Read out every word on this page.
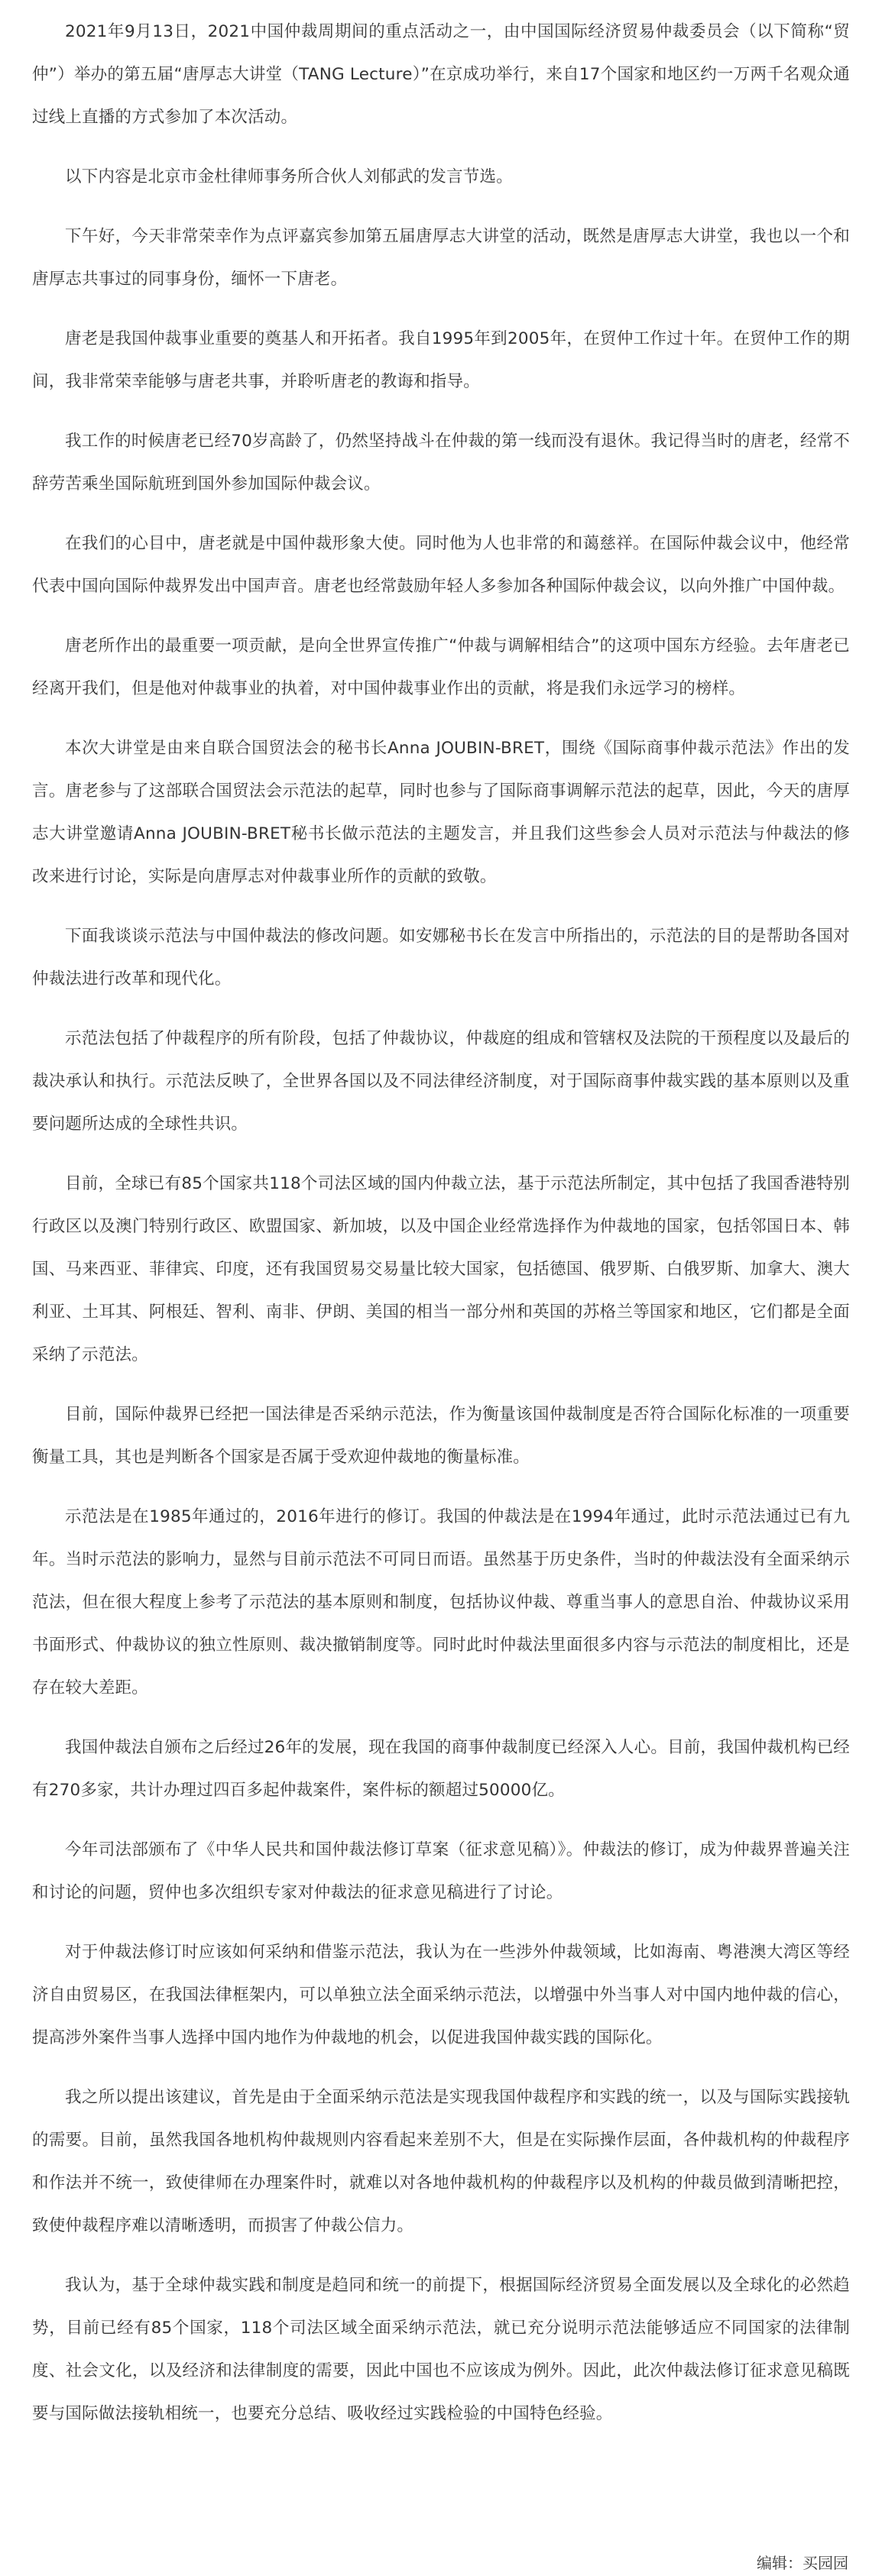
2021年9月13日，2021中国仲裁周期间的重点活动之一，由中国国际经济贸易仲裁委员会（以下简称“贸仲”）举办的第五届“唐厚志大讲堂（TANG Lecture）”在京成功举行，来自17个国家和地区约一万两千名观众通过线上直播的方式参加了本次活动。

以下内容是北京市金杜律师事务所合伙人刘郁武的发言节选。

下午好，今天非常荣幸作为点评嘉宾参加第五届唐厚志大讲堂的活动，既然是唐厚志大讲堂，我也以一个和唐厚志共事过的同事身份，缅怀一下唐老。

唐老是我国仲裁事业重要的奠基人和开拓者。我自1995年到2005年，在贸仲工作过十年。在贸仲工作的期间，我非常荣幸能够与唐老共事，并聆听唐老的教诲和指导。

我工作的时候唐老已经70岁高龄了，仍然坚持战斗在仲裁的第一线而没有退休。我记得当时的唐老，经常不辞劳苦乘坐国际航班到国外参加国际仲裁会议。

在我们的心目中，唐老就是中国仲裁形象大使。同时他为人也非常的和蔼慈祥。在国际仲裁会议中，他经常代表中国向国际仲裁界发出中国声音。唐老也经常鼓励年轻人多参加各种国际仲裁会议，以向外推广中国仲裁。

唐老所作出的最重要一项贡献，是向全世界宣传推广“仲裁与调解相结合”的这项中国东方经验。去年唐老已经离开我们，但是他对仲裁事业的执着，对中国仲裁事业作出的贡献，将是我们永远学习的榜样。

本次大讲堂是由来自联合国贸法会的秘书长Anna JOUBIN-BRET，围绕《国际商事仲裁示范法》作出的发言。唐老参与了这部联合国贸法会示范法的起草，同时也参与了国际商事调解示范法的起草，因此，今天的唐厚志大讲堂邀请Anna JOUBIN-BRET秘书长做示范法的主题发言，并且我们这些参会人员对示范法与仲裁法的修改来进行讨论，实际是向唐厚志对仲裁事业所作的贡献的致敬。

下面我谈谈示范法与中国仲裁法的修改问题。如安娜秘书长在发言中所指出的，示范法的目的是帮助各国对仲裁法进行改革和现代化。

示范法包括了仲裁程序的所有阶段，包括了仲裁协议，仲裁庭的组成和管辖权及法院的干预程度以及最后的裁决承认和执行。示范法反映了，全世界各国以及不同法律经济制度，对于国际商事仲裁实践的基本原则以及重要问题所达成的全球性共识。

目前，全球已有85个国家共118个司法区域的国内仲裁立法，基于示范法所制定，其中包括了我国香港特别行政区以及澳门特别行政区、欧盟国家、新加坡，以及中国企业经常选择作为仲裁地的国家，包括邻国日本、韩国、马来西亚、菲律宾、印度，还有我国贸易交易量比较大国家，包括德国、俄罗斯、白俄罗斯、加拿大、澳大利亚、土耳其、阿根廷、智利、南非、伊朗、美国的相当一部分州和英国的苏格兰等国家和地区，它们都是全面采纳了示范法。

目前，国际仲裁界已经把一国法律是否采纳示范法，作为衡量该国仲裁制度是否符合国际化标准的一项重要衡量工具，其也是判断各个国家是否属于受欢迎仲裁地的衡量标准。

示范法是在1985年通过的，2016年进行的修订。我国的仲裁法是在1994年通过，此时示范法通过已有九年。当时示范法的影响力，显然与目前示范法不可同日而语。虽然基于历史条件，当时的仲裁法没有全面采纳示范法，但在很大程度上参考了示范法的基本原则和制度，包括协议仲裁、尊重当事人的意思自治、仲裁协议采用书面形式、仲裁协议的独立性原则、裁决撤销制度等。同时此时仲裁法里面很多内容与示范法的制度相比，还是存在较大差距。

我国仲裁法自颁布之后经过26年的发展，现在我国的商事仲裁制度已经深入人心。目前，我国仲裁机构已经有270多家，共计办理过四百多起仲裁案件，案件标的额超过50000亿。

今年司法部颁布了《中华人民共和国仲裁法修订草案（征求意见稿）》。仲裁法的修订，成为仲裁界普遍关注和讨论的问题，贸仲也多次组织专家对仲裁法的征求意见稿进行了讨论。

对于仲裁法修订时应该如何采纳和借鉴示范法，我认为在一些涉外仲裁领域，比如海南、粤港澳大湾区等经济自由贸易区，在我国法律框架内，可以单独立法全面采纳示范法，以增强中外当事人对中国内地仲裁的信心，提高涉外案件当事人选择中国内地作为仲裁地的机会，以促进我国仲裁实践的国际化。

我之所以提出该建议，首先是由于全面采纳示范法是实现我国仲裁程序和实践的统一，以及与国际实践接轨的需要。目前，虽然我国各地机构仲裁规则内容看起来差别不大，但是在实际操作层面，各仲裁机构的仲裁程序和作法并不统一，致使律师在办理案件时，就难以对各地仲裁机构的仲裁程序以及机构的仲裁员做到清晰把控，致使仲裁程序难以清晰透明，而损害了仲裁公信力。

我认为，基于全球仲裁实践和制度是趋同和统一的前提下，根据国际经济贸易全面发展以及全球化的必然趋势，目前已经有85个国家，118个司法区域全面采纳示范法，就已充分说明示范法能够适应不同国家的法律制度、社会文化，以及经济和法律制度的需要，因此中国也不应该成为例外。因此，此次仲裁法修订征求意见稿既要与国际做法接轨相统一，也要充分总结、吸收经过实践检验的中国特色经验。

编辑：买园园
